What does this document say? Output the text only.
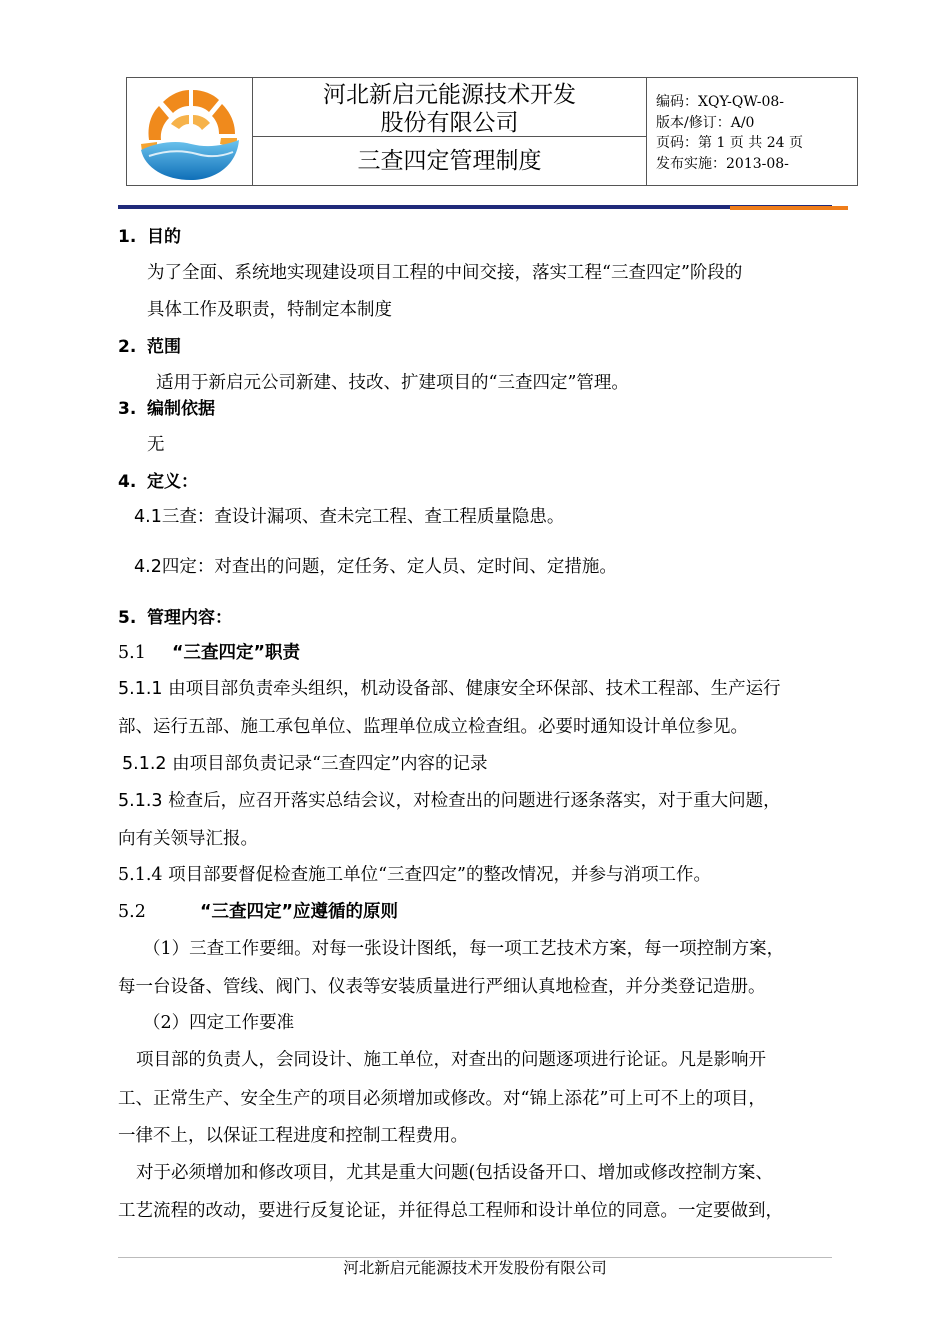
河北新启元能源技术开发
股份有限公司
三查四定管理制度
编码：XQY-QW-08-
版本/修订：A/0
页码：第 1 页 共 24 页
发布实施：2013-08-
1. 目的
为了全面、系统地实现建设项目工程的中间交接，落实工程“三查四定”阶段的
具体工作及职责，特制定本制度
2. 范围
适用于新启元公司新建、技改、扩建项目的“三查四定”管理。
3. 编制依据
无
4. 定义：
4.1三查：查设计漏项、查未完工程、查工程质量隐患。
4.2四定：对查出的问题，定任务、定人员、定时间、定措施。
5. 管理内容：
5.1 “三查四定”职责
5.1.1 由项目部负责牵头组织，机动设备部、健康安全环保部、技术工程部、生产运行
部、运行五部、施工承包单位、监理单位成立检查组。必要时通知设计单位参见。
5.1.2 由项目部负责记录“三查四定”内容的记录
5.1.3 检查后，应召开落实总结会议，对检查出的问题进行逐条落实，对于重大问题，
向有关领导汇报。
5.1.4 项目部要督促检查施工单位“三查四定”的整改情况，并参与消项工作。
5.2	“三查四定”应遵循的原则
（1）三查工作要细。对每一张设计图纸，每一项工艺技术方案，每一项控制方案，
每一台设备、管线、阀门、仪表等安装质量进行严细认真地检查，并分类登记造册。
（2）四定工作要准
项目部的负责人，会同设计、施工单位，对查出的问题逐项进行论证。凡是影响开
工、正常生产、安全生产的项目必须增加或修改。对“锦上添花”可上可不上的项目，
一律不上，以保证工程进度和控制工程费用。
对于必须增加和修改项目，尤其是重大问题(包括设备开口、增加或修改控制方案、
工艺流程的改动，要进行反复论证，并征得总工程师和设计单位的同意。一定要做到，
河北新启元能源技术开发股份有限公司
